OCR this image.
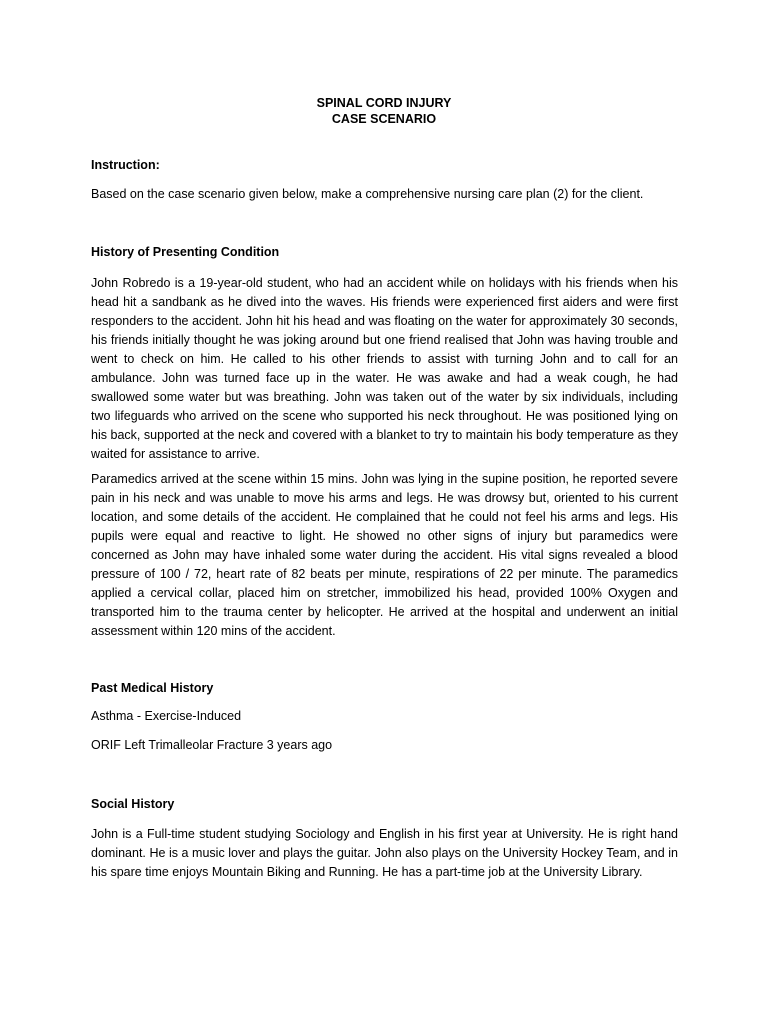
SPINAL CORD INJURY
CASE SCENARIO
Instruction:
Based on the case scenario given below, make a comprehensive nursing care plan (2) for the client.
History of Presenting Condition
John Robredo is a 19-year-old student, who had an accident while on holidays with his friends when his head hit a sandbank as he dived into the waves. His friends were experienced first aiders and were first responders to the accident. John hit his head and was floating on the water for approximately 30 seconds, his friends initially thought he was joking around but one friend realised that John was having trouble and went to check on him. He called to his other friends to assist with turning John and to call for an ambulance. John was turned face up in the water. He was awake and had a weak cough, he had swallowed some water but was breathing. John was taken out of the water by six individuals, including two lifeguards who arrived on the scene who supported his neck throughout. He was positioned lying on his back, supported at the neck and covered with a blanket to try to maintain his body temperature as they waited for assistance to arrive.
Paramedics arrived at the scene within 15 mins. John was lying in the supine position, he reported severe pain in his neck and was unable to move his arms and legs. He was drowsy but, oriented to his current location, and some details of the accident. He complained that he could not feel his arms and legs. His pupils were equal and reactive to light. He showed no other signs of injury but paramedics were concerned as John may have inhaled some water during the accident. His vital signs revealed a blood pressure of 100 / 72, heart rate of 82 beats per minute, respirations of 22 per minute. The paramedics applied a cervical collar, placed him on stretcher, immobilized his head, provided 100% Oxygen and transported him to the trauma center by helicopter. He arrived at the hospital and underwent an initial assessment within 120 mins of the accident.
Past Medical History
Asthma - Exercise-Induced
ORIF Left Trimalleolar Fracture 3 years ago
Social History
John is a Full-time student studying Sociology and English in his first year at University. He is right hand dominant. He is a music lover and plays the guitar. John also plays on the University Hockey Team, and in his spare time enjoys Mountain Biking and Running. He has a part-time job at the University Library.
